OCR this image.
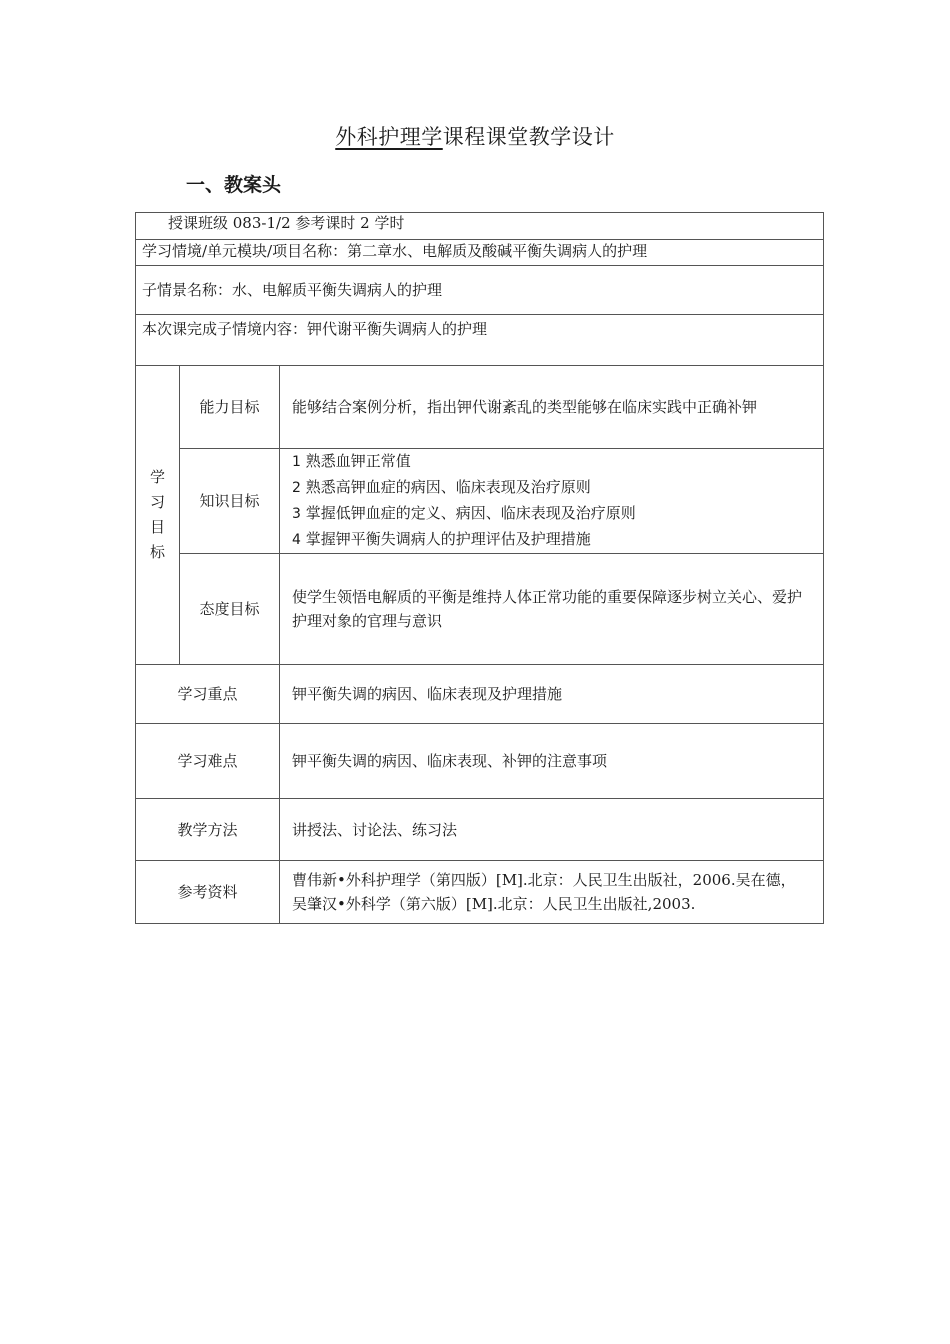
外科护理学课程课堂教学设计
一、教案头
授课班级 083-1/2 参考课时 2 学时		
学习情境/单元模块/项目名称：第二章水、电解质及酸碱平衡失调病人的护理		
子情景名称：水、电解质平衡失调病人的护理		
本次课完成子情境内容：钾代谢平衡失调病人的护理		

学习目标	能力目标	能够结合案例分析，指出钾代谢紊乱的类型能够在临床实践中正确补钾
	知识目标	1 熟悉血钾正常值
2 熟悉高钾血症的病因、临床表现及治疗原则
3 掌握低钾血症的定义、病因、临床表现及治疗原则
4 掌握钾平衡失调病人的护理评估及护理措施

	态度目标	使学生领悟电解质的平衡是维持人体正常功能的重要保障逐步树立关心、爱护护理对象的官理与意识
学习重点		钾平衡失调的病因、临床表现及护理措施
学习难点		钾平衡失调的病因、临床表现、补钾的注意事项
教学方法		讲授法、讨论法、练习法
参考资料		曹伟新•外科护理学（第四版）[M].北京：人民卫生出版社，2006.吴在德，吴肇汉•外科学（第六版）[M].北京：人民卫生出版社,2003.
